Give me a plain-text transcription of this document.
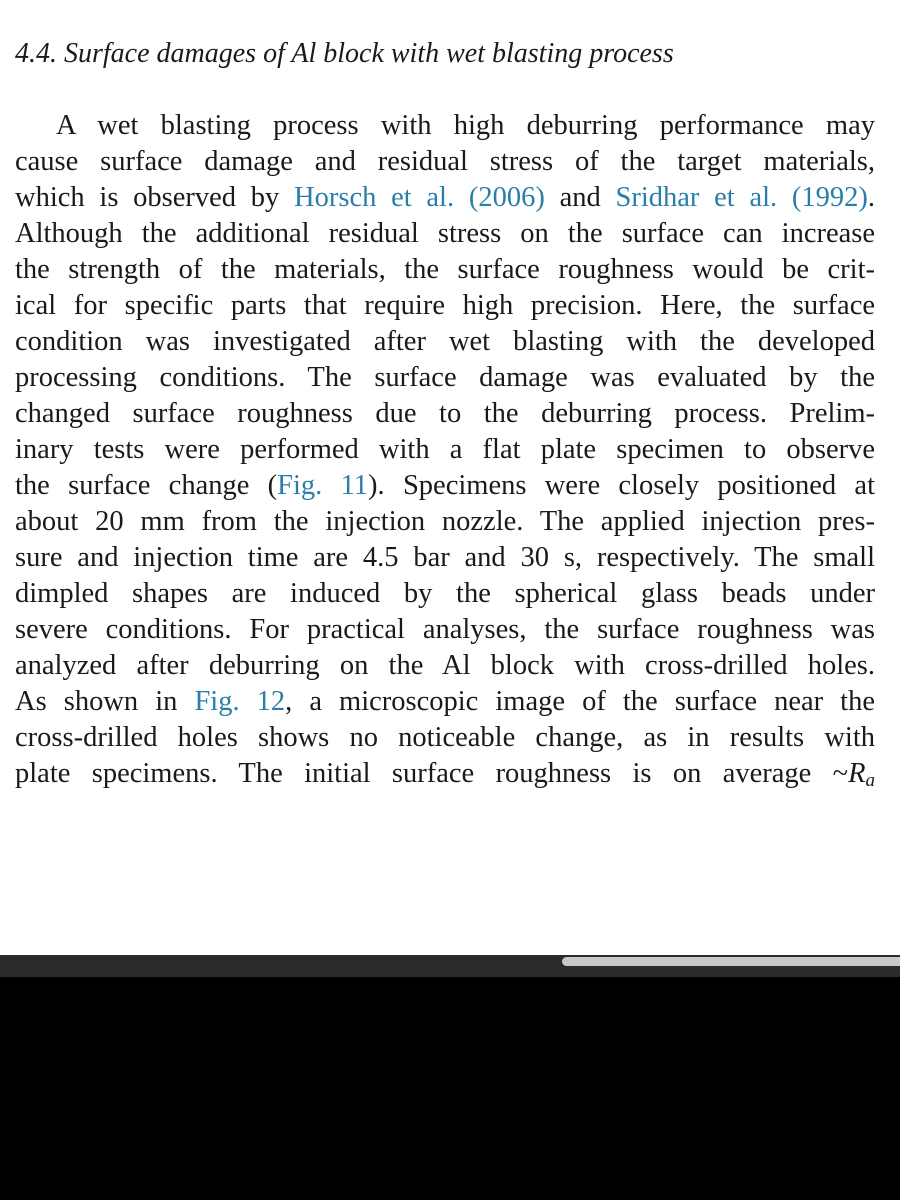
4.4. Surface damages of Al block with wet blasting process
A wet blasting process with high deburring performance may
cause surface damage and residual stress of the target materials,
which is observed by Horsch et al. (2006) and Sridhar et al. (1992).
Although the additional residual stress on the surface can increase
the strength of the materials, the surface roughness would be crit-
ical for specific parts that require high precision. Here, the surface
condition was investigated after wet blasting with the developed
processing conditions. The surface damage was evaluated by the
changed surface roughness due to the deburring process. Prelim-
inary tests were performed with a flat plate specimen to observe
the surface change (Fig. 11). Specimens were closely positioned at
about 20 mm from the injection nozzle. The applied injection pres-
sure and injection time are 4.5 bar and 30 s, respectively. The small
dimpled shapes are induced by the spherical glass beads under
severe conditions. For practical analyses, the surface roughness was
analyzed after deburring on the Al block with cross-drilled holes.
As shown in Fig. 12, a microscopic image of the surface near the
cross-drilled holes shows no noticeable change, as in results with
plate specimens. The initial surface roughness is on average $\sim R_a$
